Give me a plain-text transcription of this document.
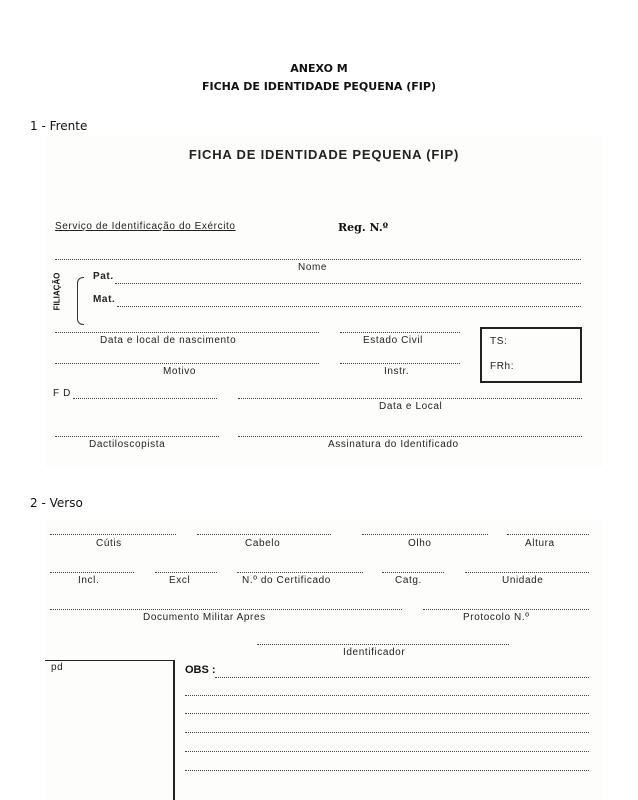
ANEXO M
FICHA DE IDENTIDADE PEQUENA (FIP)
1 - Frente
FICHA DE IDENTIDADE PEQUENA (FIP)
Serviço de Identificação do Exército	Reg. N.º
Nome
FILIAÇÃO	Pat.
Mat.
Data e local de nascimento	Estado Civil	TS:
FRh:
Motivo	Instr.
F D
Data e Local
Dactiloscopista	Assinatura do Identificado
2 - Verso
Cútis	Cabelo	Olho	Altura
Incl.	Excl	N.º do Certificado	Catg.	Unidade
Documento Militar Apres	Protocolo N.º
Identificador
pd	OBS :
